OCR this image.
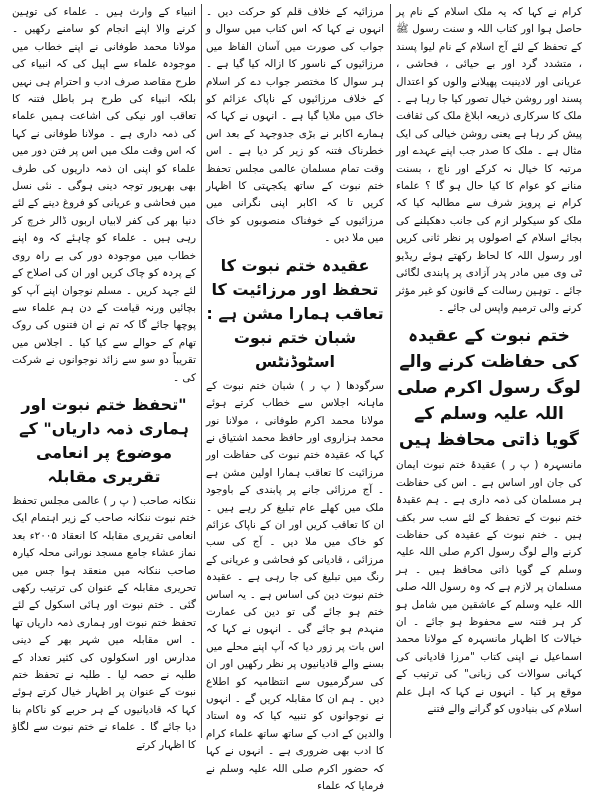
کرام نے کہا کہ یہ ملک اسلام کے نام پر حاصل ہوا اور کتاب اللہ و سنت رسول ﷺ کے تحفظ کے لئے آج اسلام کے نام لیوا پسند ، متشدد گرد اور بے حیائی ، فحاشی ، عریانی اور لادینیت پھیلانے والوں کو اعتدال پسند اور روشن خیال تصور کیا جا رہا ہے ۔ ملک کا سرکاری ذریعہ ابلاغ ملک کی ثقافت پیش کر رہا ہے یعنی روشن خیالی کی ایک مثال ہے ۔ ملک کا صدر جب اپنے عہدے اور مرتبہ کا خیال نہ کرکے اور ناچ ، بسنت منانے کو عوام کا کیا حال ہو گا ؟ علماء کرام نے پرویز شرف سے مطالبہ کیا کہ ملک کو سیکولر ازم کی جانب دھکیلنے کی بجائے اسلام کے اصولوں پر نظر ثانی کریں اور رسول اللہ کا لحاظ رکھتے ہوئے ریڈیو ٹی وی میں مادر پدر آزادی پر پابندی لگائی جائے ۔ توہین رسالت کے قانون کو غیر مؤثر کرنے والی ترمیم واپس لی جائے ۔

ختم نبوت کے عقیدہ کی حفاظت کرنے والے لوگ رسول اکرم صلی اللہ علیہ وسلم کے گویا ذاتی محافظ ہیں

مانسہرہ ( پ ر ) عقیدۂ ختم نبوت ایمان کی جان اور اساس ہے ۔ اس کی حفاظت ہر مسلمان کی ذمہ داری ہے ۔ ہم عقیدۂ ختم نبوت کے تحفظ کے لئے سب سر بکف ہیں ۔ ختم نبوت کے عقیدہ کی حفاظت کرنے والے لوگ رسول اکرم صلی اللہ علیہ وسلم کے گویا ذاتی محافظ ہیں ۔ ہر مسلمان پر لازم ہے کہ وہ رسول اللہ صلی اللہ علیہ وسلم کے عاشقین میں شامل ہو کر ہر فتنہ سے محفوظ ہو جائے ۔ ان خیالات کا اظہار مانسہرہ کے مولانا محمد اسماعیل نے اپنی کتاب "مرزا قادیانی کی کہانی سوالات کی زبانی" کی ترتیب کے موقع پر کیا ۔ انہوں نے کہا کہ اہل علم اسلام کی بنیادوں کو گرانے والے فتنے

مرزائیہ کے خلاف قلم کو حرکت دیں ۔ انہوں نے کہا کہ اس کتاب میں سوال و جواب کی صورت میں آسان الفاظ میں مرزائیوں کے ناسور کا ازالہ کیا گیا ہے ۔ ہر سوال کا مختصر جواب دے کر اسلام کے خلاف مرزائیوں کے ناپاک عزائم کو خاک میں ملایا گیا ہے ۔ انہوں نے کہا کہ ہمارے اکابر نے بڑی جدوجہد کے بعد اس خطرناک فتنہ کو زیر کر دیا ہے ۔ اس وقت تمام مسلمان عالمی مجلس تحفظ ختم نبوت کے ساتھ یکجہتی کا اظہار کریں تا کہ اکابر اپنی نگرانی میں مرزائیوں کے خوفناک منصوبوں کو خاک میں ملا دیں ۔

عقیدہ ختم نبوت کا تحفظ اور مرزائیت کا تعاقب ہمارا مشن ہے : شبان ختم نبوت اسٹوڈنٹس

سرگودھا ( پ ر ) شبان ختم نبوت کے ماہانہ اجلاس سے خطاب کرتے ہوئے مولانا محمد اکرم طوفانی ، مولانا نور محمد ہزاروی اور حافظ محمد اشتیاق نے کہا کہ عقیدہ ختم نبوت کی حفاظت اور مرزائیت کا تعاقب ہمارا اولین مشن ہے ۔ آج مرزائی جانے پر پابندی کے باوجود ملک میں کھلے عام تبلیغ کر رہے ہیں ۔ ان کا تعاقب کریں اور ان کے ناپاک عزائم کو خاک میں ملا دیں ۔ آج کی سب مرزائی ، قادیانی کو فحاشی و عریانی کے رنگ میں تبلیغ کی جا رہی ہے ۔ عقیدہ ختم نبوت دین کی اساس ہے ۔ یہ اساس ختم ہو جائے گی تو دین کی عمارت منہدم ہو جائے گی ۔ انہوں نے کہا کہ اس بات پر زور دیا کہ آپ اپنے محلے میں بسنے والے قادیانیوں پر نظر رکھیں اور ان کی سرگرمیوں سے انتظامیہ کو اطلاع دیں ۔ ہم ان کا مقابلہ کریں گے ۔ انہوں نے نوجوانوں کو تنبیہ کیا کہ وہ استاد والدین کے ادب کے ساتھ ساتھ علماء کرام کا ادب بھی ضروری ہے ۔ انہوں نے کہا کہ حضور اکرم صلی اللہ علیہ وسلم نے فرمایا کہ علماء

انبیاء کے وارث ہیں ۔ علماء کی توہین کرنے والا اپنے انجام کو سامنے رکھیں ۔ مولانا محمد طوفانی نے اپنے خطاب میں موجودہ علماء سے اپیل کی کہ انبیاء کی طرح مقاصد صرف ادب و احترام ہی نہیں بلکہ انبیاء کی طرح ہر باطل فتنہ کا تعاقب اور نیکی کی اشاعت ہمیں علماء کی ذمہ داری ہے ۔ مولانا طوفانی نے کہا کہ اس وقت ملک میں اس پر فتن دور میں علماء کو اپنی ان ذمہ داریوں کی طرف بھی بھرپور توجہ دینی ہوگی ۔ نئی نسل میں فحاشی و عریانی کو فروغ دینے کے لئے دنیا بھر کی کفر لابیاں اربوں ڈالر خرچ کر رہی ہیں ۔ علماء کو چاہئے کہ وہ اپنے خطاب میں موجودہ دور کی بے راہ روی کے پردہ کو چاک کریں اور ان کی اصلاح کے لئے جہد کریں ۔ مسلم نوجوان اپنے آپ کو بچائیں ورنہ قیامت کے دن ہم علماء سے پوچھا جائے گا کہ تم نے ان فتنوں کی روک تھام کے حوالے سے کیا کیا ۔ اجلاس میں تقریباً دو سو سے زائد نوجوانوں نے شرکت کی ۔

"تحفظ ختم نبوت اور ہماری ذمہ داریاں" کے موضوع پر انعامی تقریری مقابلہ

ننکانہ صاحب ( پ ر ) عالمی مجلس تحفظ ختم نبوت ننکانہ صاحب کے زیر اہتمام ایک انعامی تقریری مقابلہ کا انعقاد ۲۰۰۵ء بعد نماز عشاء جامع مسجد نورانی محلہ کیارہ صاحب ننکانہ میں منعقد ہوا جس میں تحریری مقابلہ کے عنوان کی ترتیب رکھی گئی ۔ ختم نبوت اور ہائی اسکول کے لئے تحفظ ختم نبوت اور ہماری ذمہ داریاں تھا ۔ اس مقابلہ میں شہر بھر کے دینی مدارس اور اسکولوں کی کثیر تعداد کے طلبہ نے حصہ لیا ۔ طلبہ نے تحفظ ختم نبوت کے عنوان پر اظہار خیال کرتے ہوئے کہا کہ قادیانیوں کے ہر حربے کو ناکام بنا دیا جائے گا ۔ علماء نے ختم نبوت سے لگاؤ کا اظہار کرتے
